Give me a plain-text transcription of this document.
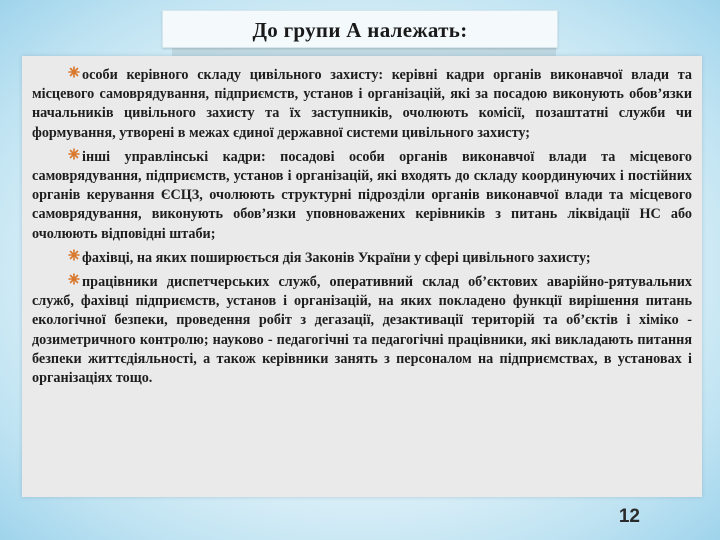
До групи А належать:

особи керівного складу цивільного захисту: керівні кадри органів виконавчої влади та місцевого самоврядування, підприємств, установ і організацій, які за посадою виконують обов’язки начальників цивільного захисту та їх заступників, очолюють комісії, позаштатні служби чи формування, утворені в межах єдиної державної системи цивільного захисту;

інші управлінські кадри: посадові особи органів виконавчої влади та місцевого самоврядування, підприємств, установ і організацій, які входять до складу координуючих і постійних органів керування ЄСЦЗ, очолюють структурні підрозділи органів виконавчої влади та місцевого самоврядування, виконують обов’язки уповноважених керівників з питань ліквідації НС або очолюють відповідні штаби;

фахівці, на яких поширюється дія Законів України у сфері цивільного захисту;

працівники диспетчерських служб, оперативний склад об’єктових аварійно-рятувальних служб, фахівці підприємств, установ і організацій, на яких покладено функції вирішення питань екологічної безпеки, проведення робіт з дегазації, дезактивації територій та об’єктів і хіміко - дозиметричного контролю; науково - педагогічні та педагогічні працівники, які викладають питання безпеки життєдіяльності, а також керівники занять з персоналом на підприємствах, в установах і організаціях тощо.

12
